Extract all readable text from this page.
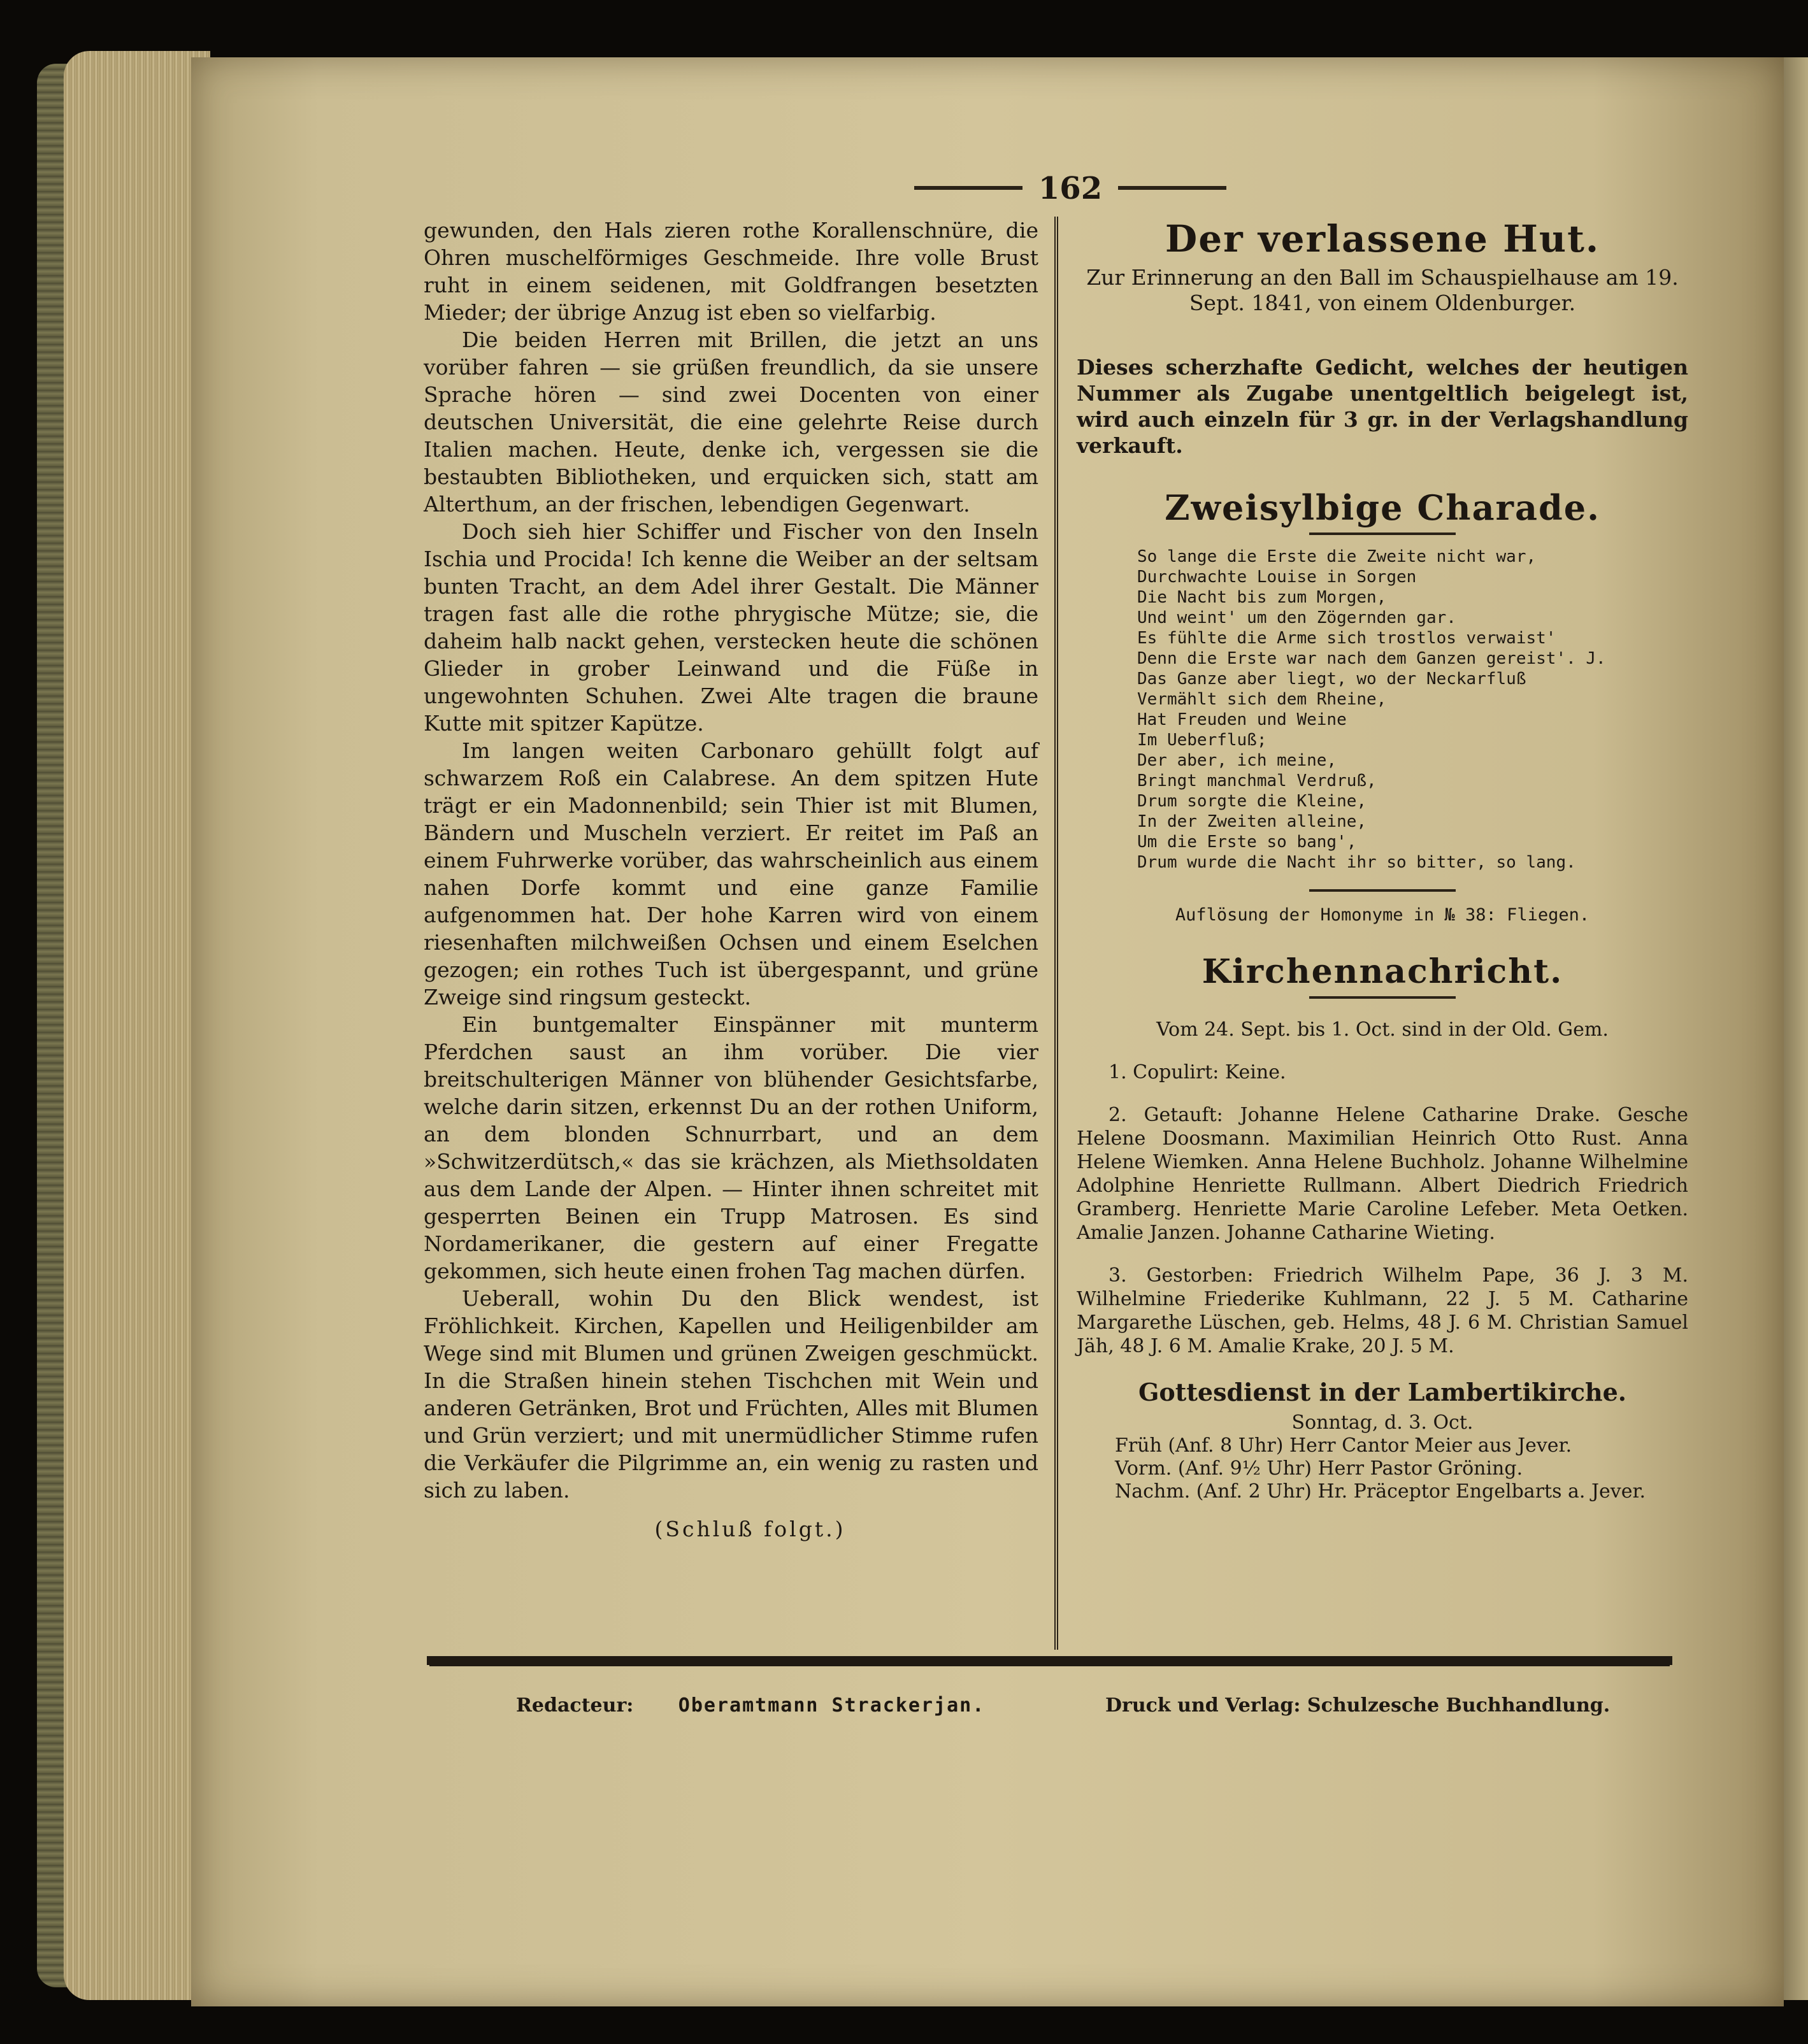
162

gewunden, den Hals zieren rothe Korallenschnüre, die Ohren muschelförmiges Geschmeide. Ihre volle Brust ruht in einem seidenen, mit Goldfrangen besetzten Mieder; der übrige Anzug ist eben so vielfarbig.

Die beiden Herren mit Brillen, die jetzt an uns vorüber fahren — sie grüßen freundlich, da sie unsere Sprache hören — sind zwei Docenten von einer deutschen Universität, die eine gelehrte Reise durch Italien machen. Heute, denke ich, vergessen sie die bestaubten Bibliotheken, und erquicken sich, statt am Alterthum, an der frischen, lebendigen Gegenwart.

Doch sieh hier Schiffer und Fischer von den Inseln Ischia und Procida! Ich kenne die Weiber an der seltsam bunten Tracht, an dem Adel ihrer Gestalt. Die Männer tragen fast alle die rothe phrygische Mütze; sie, die daheim halb nackt gehen, verstecken heute die schönen Glieder in grober Leinwand und die Füße in ungewohnten Schuhen. Zwei Alte tragen die braune Kutte mit spitzer Kapütze.

Im langen weiten Carbonaro gehüllt folgt auf schwarzem Roß ein Calabrese. An dem spitzen Hute trägt er ein Madonnenbild; sein Thier ist mit Blumen, Bändern und Muscheln verziert. Er reitet im Paß an einem Fuhrwerke vorüber, das wahrscheinlich aus einem nahen Dorfe kommt und eine ganze Familie aufgenommen hat. Der hohe Karren wird von einem riesenhaften milchweißen Ochsen und einem Eselchen gezogen; ein rothes Tuch ist übergespannt, und grüne Zweige sind ringsum gesteckt.

Ein buntgemalter Einspänner mit munterm Pferdchen saust an ihm vorüber. Die vier breitschulterigen Männer von blühender Gesichtsfarbe, welche darin sitzen, erkennst Du an der rothen Uniform, an dem blonden Schnurrbart, und an dem »Schwitzerdütsch,« das sie krächzen, als Miethsoldaten aus dem Lande der Alpen. — Hinter ihnen schreitet mit gesperrten Beinen ein Trupp Matrosen. Es sind Nordamerikaner, die gestern auf einer Fregatte gekommen, sich heute einen frohen Tag machen dürfen.

Ueberall, wohin Du den Blick wendest, ist Fröhlichkeit. Kirchen, Kapellen und Heiligenbilder am Wege sind mit Blumen und grünen Zweigen geschmückt. In die Straßen hinein stehen Tischchen mit Wein und anderen Getränken, Brot und Früchten, Alles mit Blumen und Grün verziert; und mit unermüdlicher Stimme rufen die Verkäufer die Pilgrimme an, ein wenig zu rasten und sich zu laben.

(Schluß folgt.)

Der verlassene Hut.

Zur Erinnerung an den Ball im Schauspielhause am 19. Sept. 1841, von einem Oldenburger.

Dieses scherzhafte Gedicht, welches der heutigen Nummer als Zugabe unentgeltlich beigelegt ist, wird auch einzeln für 3 gr. in der Verlagshandlung verkauft.

Zweisylbige Charade.
So lange die Erste die Zweite nicht war,
Durchwachte Louise in Sorgen
Die Nacht bis zum Morgen,
Und weint' um den Zögernden gar.
Es fühlte die Arme sich trostlos verwaist'
Denn die Erste war nach dem Ganzen gereist'. J.
Das Ganze aber liegt, wo der Neckarfluß
Vermählt sich dem Rheine,
Hat Freuden und Weine
Im Ueberfluß;
Der aber, ich meine,
Bringt manchmal Verdruß,
Drum sorgte die Kleine,
In der Zweiten alleine,
Um die Erste so bang',
Drum wurde die Nacht ihr so bitter, so lang.

Auflösung der Homonyme in № 38: Fliegen.

Kirchennachricht.

Vom 24. Sept. bis 1. Oct. sind in der Old. Gem.

1. Copulirt: Keine.

2. Getauft: Johanne Helene Catharine Drake. Gesche Helene Doosmann. Maximilian Heinrich Otto Rust. Anna Helene Wiemken. Anna Helene Buchholz. Johanne Wilhelmine Adolphine Henriette Rullmann. Albert Diedrich Friedrich Gramberg. Henriette Marie Caroline Lefeber. Meta Oetken. Amalie Janzen. Johanne Catharine Wieting.

3. Gestorben: Friedrich Wilhelm Pape, 36 J. 3 M. Wilhelmine Friederike Kuhlmann, 22 J. 5 M. Catharine Margarethe Lüschen, geb. Helms, 48 J. 6 M. Christian Samuel Jäh, 48 J. 6 M. Amalie Krake, 20 J. 5 M.

Gottesdienst in der Lambertikirche.

Sonntag, d. 3. Oct.

Früh (Anf. 8 Uhr) Herr Cantor Meier aus Jever.

Vorm. (Anf. 9½ Uhr) Herr Pastor Gröning.

Nachm. (Anf. 2 Uhr) Hr. Präceptor Engelbarts a. Jever.

Redacteur: Oberamtmann Strackerjan.	Druck und Verlag: Schulzesche Buchhandlung.
